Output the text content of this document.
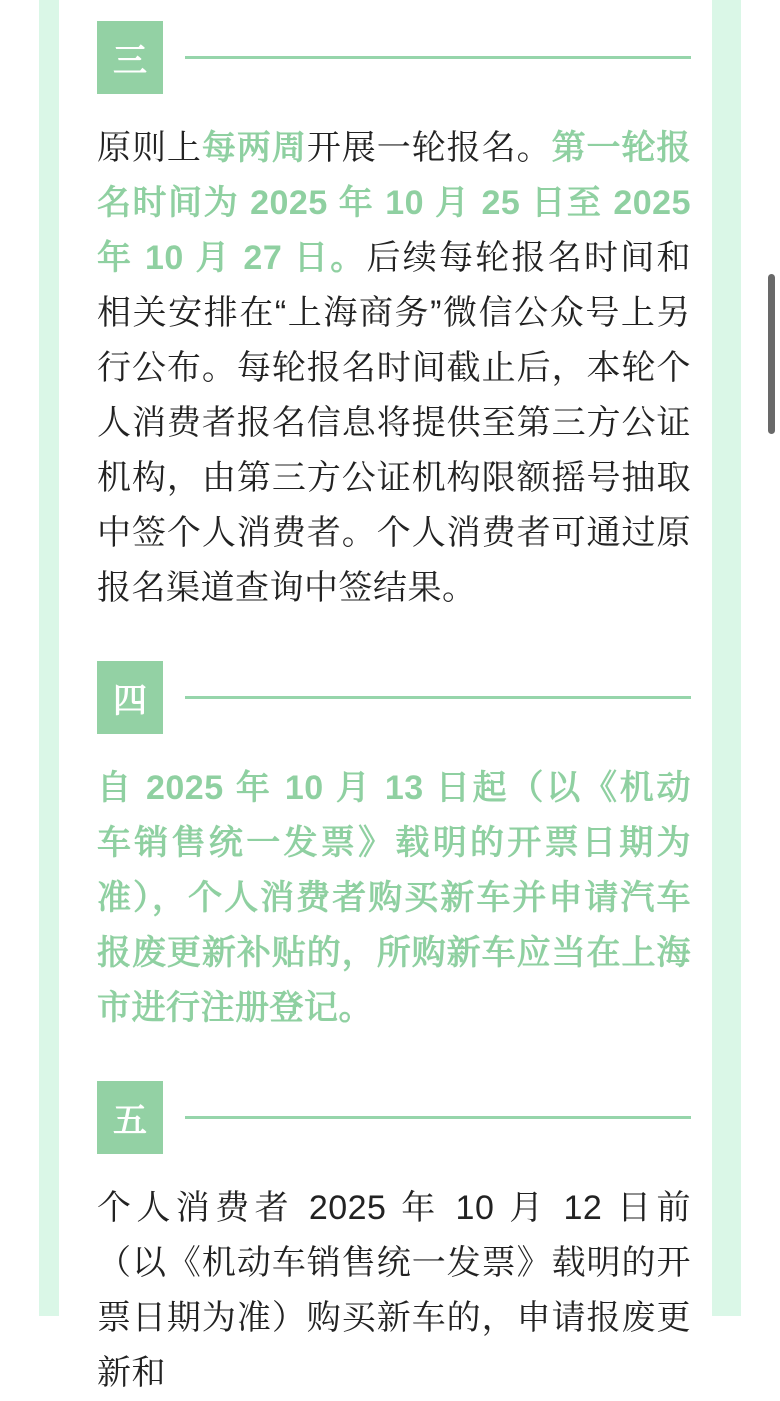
三

原则上每两周开展一轮报名。第一轮报名时间为 2025 年 10 月 25 日至 2025 年 10 月 27 日。后续每轮报名时间和相关安排在“上海商务”微信公众号上另行公布。每轮报名时间截止后，本轮个人消费者报名信息将提供至第三方公证机构，由第三方公证机构限额摇号抽取中签个人消费者。个人消费者可通过原报名渠道查询中签结果。

四

自 2025 年 10 月 13 日起（以《机动车销售统一发票》载明的开票日期为准），个人消费者购买新车并申请汽车报废更新补贴的，所购新车应当在上海市进行注册登记。

五

个人消费者 2025 年 10 月 12 日前（以《机动车销售统一发票》载明的开票日期为准）购买新车的，申请报废更新和
